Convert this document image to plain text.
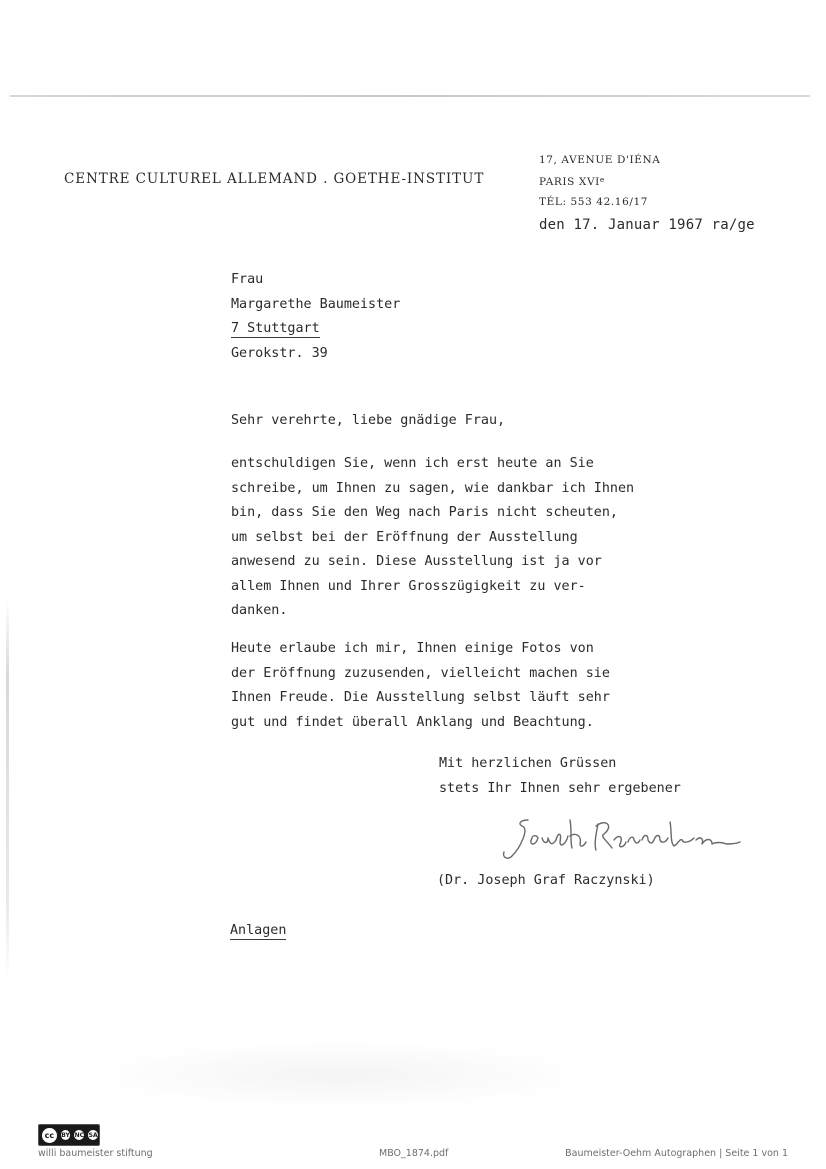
CENTRE CULTUREL ALLEMAND . GOETHE-INSTITUT
17, AVENUE D'IÉNA
PARIS XVIe
TÉL: 553 42.16/17
den 17. Januar 1967 ra/ge
Frau
Margarethe Baumeister
7 Stuttgart
Gerokstr. 39
Sehr verehrte, liebe gnädige Frau,
entschuldigen Sie, wenn ich erst heute an Sie
schreibe, um Ihnen zu sagen, wie dankbar ich Ihnen
bin, dass Sie den Weg nach Paris nicht scheuten,
um selbst bei der Eröffnung der Ausstellung
anwesend zu sein. Diese Ausstellung ist ja vor
allem Ihnen und Ihrer Grosszügigkeit zu ver-
danken.
Heute erlaube ich mir, Ihnen einige Fotos von
der Eröffnung zuzusenden, vielleicht machen sie
Ihnen Freude. Die Ausstellung selbst läuft sehr
gut und findet überall Anklang und Beachtung.
Mit herzlichen Grüssen
stets Ihr Ihnen sehr ergebener
(Dr. Joseph Graf Raczynski)
Anlagen
cc	BY NC SA
willi baumeister stiftung	MBO_1874.pdf	Baumeister-Oehm Autographen | Seite 1 von 1
